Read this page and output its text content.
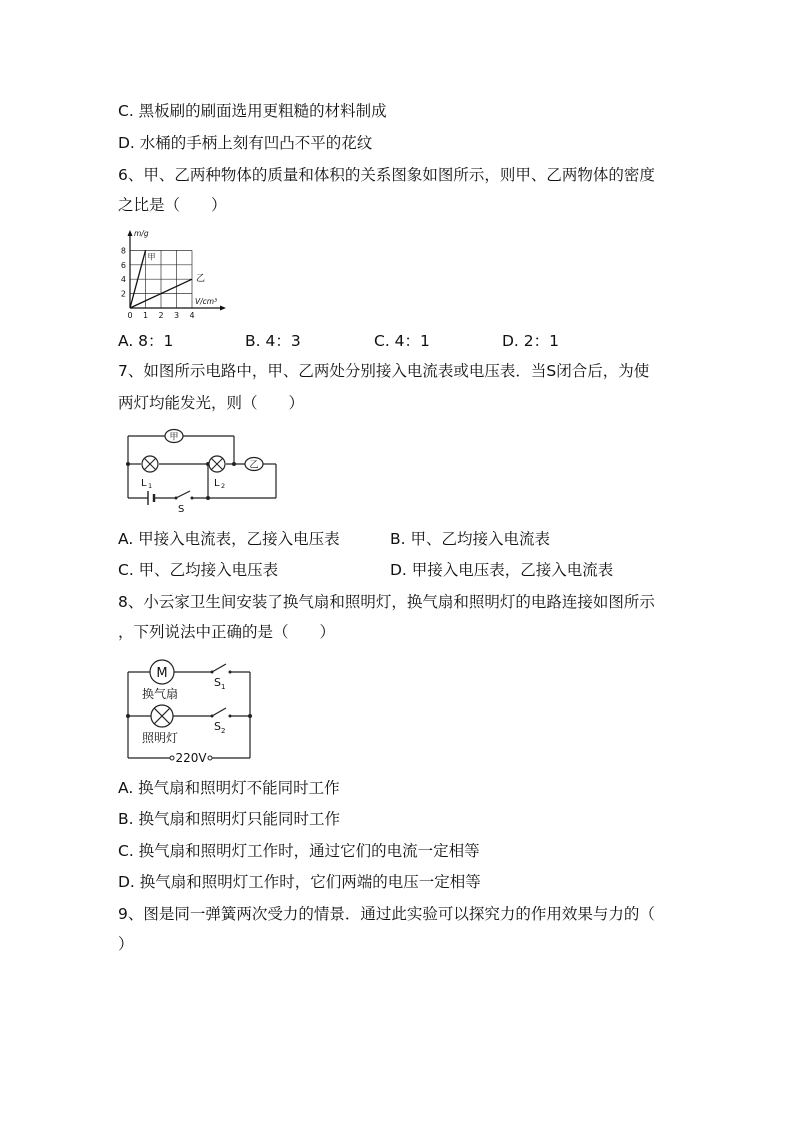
C. 黑板刷的刷面选用更粗糙的材料制成
D. 水桶的手柄上刻有凹凸不平的花纹
6、甲、乙两种物体的质量和体积的关系图象如图所示，则甲、乙两物体的密度
之比是（　　）
m/g
V/cm³
2
4
6
8
0 1 2 3 4
甲
乙
A. 8：1	B. 4：3	C. 4：1	D. 2：1
7、如图所示电路中，甲、乙两处分别接入电流表或电压表．当S闭合后，为使
两灯均能发光，则（　　）
甲
乙
L 1	L 2
S
A. 甲接入电流表，乙接入电压表	B. 甲、乙均接入电流表
C. 甲、乙均接入电压表	D. 甲接入电压表，乙接入电流表
8、小云家卫生间安装了换气扇和照明灯，换气扇和照明灯的电路连接如图所示
，下列说法中正确的是（　　）
M
换气扇
照明灯
S 1
S 2
220V
A. 换气扇和照明灯不能同时工作
B. 换气扇和照明灯只能同时工作
C. 换气扇和照明灯工作时，通过它们的电流一定相等
D. 换气扇和照明灯工作时，它们两端的电压一定相等
9、图是同一弹簧两次受力的情景．通过此实验可以探究力的作用效果与力的（
）
